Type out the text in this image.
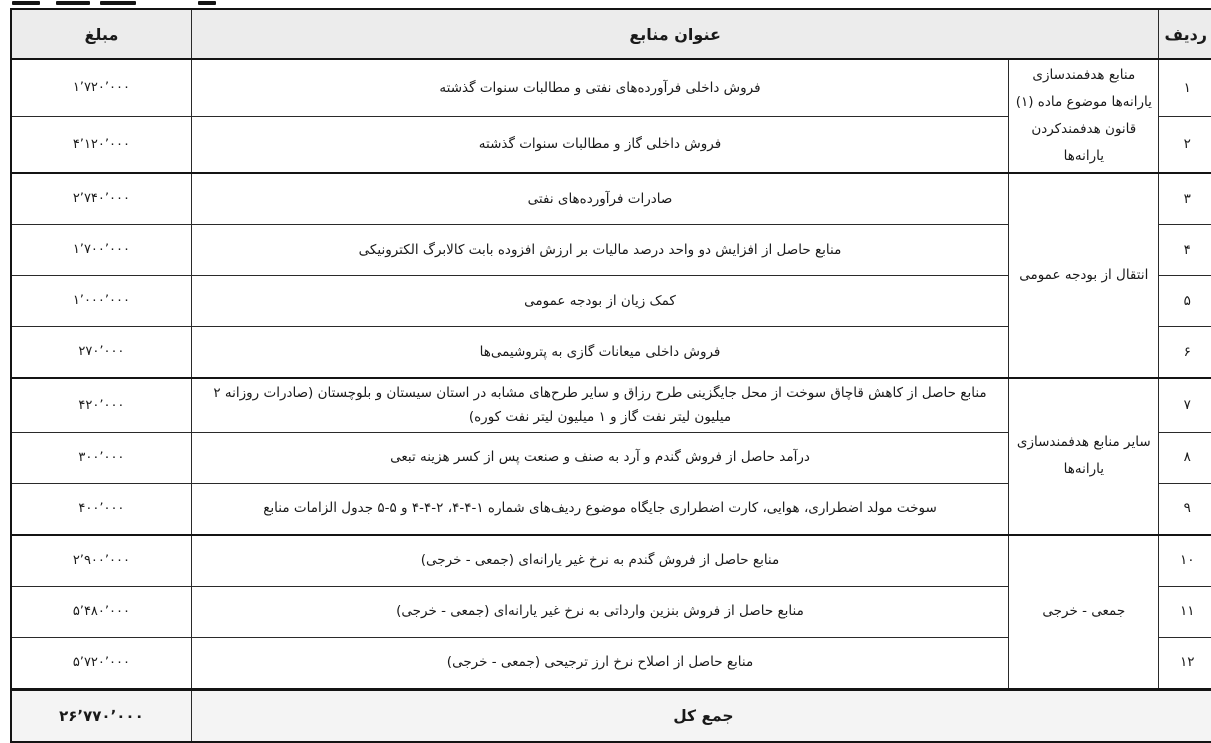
ردیف	عنوان منابع		مبلغ
۱	منابع هدفمندسازی یارانه‌ها موضوع ماده (۱) قانون هدفمندکردن یارانه‌ها	فروش داخلی فرآورده‌های نفتی و مطالبات سنوات گذشته	۱٬۷۲۰٬۰۰۰
۲		فروش داخلی گاز و مطالبات سنوات گذشته	۴٬۱۲۰٬۰۰۰
۳	انتقال از بودجه عمومی	صادرات فرآورده‌های نفتی	۲٬۷۴۰٬۰۰۰
۴		منابع حاصل از افزایش دو واحد درصد مالیات بر ارزش افزوده بابت کالابرگ الکترونیکی	۱٬۷۰۰٬۰۰۰
۵		کمک زیان از بودجه عمومی	۱٬۰۰۰٬۰۰۰
۶		فروش داخلی میعانات گازی به پتروشیمی‌ها	۲۷۰٬۰۰۰
۷	سایر منابع هدفمندسازی یارانه‌ها	منابع حاصل از کاهش قاچاق سوخت از محل جایگزینی طرح رزاق و سایر طرح‌های مشابه در استان سیستان و بلوچستان (صادرات روزانه ۲ میلیون لیتر نفت گاز و ۱ میلیون لیتر نفت کوره)	۴۲۰٬۰۰۰
۸		درآمد حاصل از فروش گندم و آرد به صنف و صنعت پس از کسر هزینه تبعی	۳۰۰٬۰۰۰
۹		سوخت مولد اضطراری، هوایی، کارت اضطراری جایگاه موضوع ردیف‌های شماره ۱-۴-۴، ۲-۴-۴ و ۵-۵ جدول الزامات منابع	۴۰۰٬۰۰۰
۱۰	جمعی - خرجی	منابع حاصل از فروش گندم به نرخ غیر یارانه‌ای (جمعی - خرجی)	۲٬۹۰۰٬۰۰۰
۱۱		منابع حاصل از فروش بنزین وارداتی به نرخ غیر یارانه‌ای (جمعی - خرجی)	۵٬۴۸۰٬۰۰۰
۱۲		منابع حاصل از اصلاح نرخ ارز ترجیحی (جمعی - خرجی)	۵٬۷۲۰٬۰۰۰
جمع کل			۲۶٬۷۷۰٬۰۰۰
